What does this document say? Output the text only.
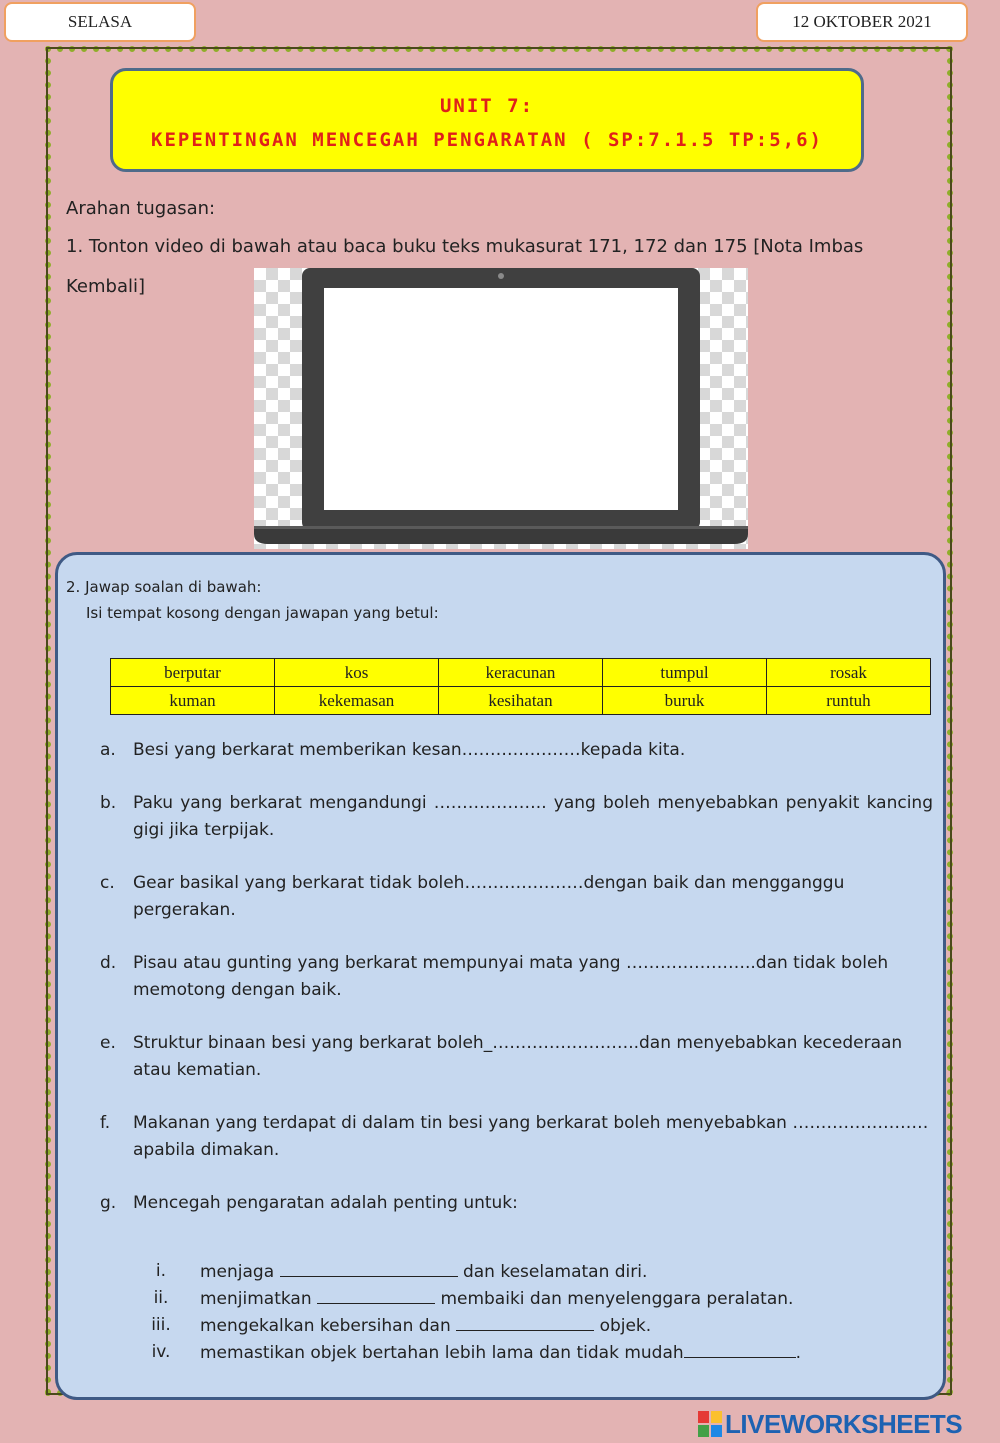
SELASA	12 OKTOBER 2021
UNIT 7:
KEPENTINGAN MENCEGAH PENGARATAN ( SP:7.1.5 TP:5,6)
Arahan tugasan:
1. Tonton video di bawah atau baca buku teks mukasurat 171, 172 dan 175 [Nota Imbas
Kembali]
2. Jawap soalan di bawah:
Isi tempat kosong dengan jawapan yang betul:
berputar	kos	keracunan	tumpul	rosak
kuman	kekemasan	kesihatan	buruk	runtuh
a.	Besi yang berkarat memberikan kesan…………………kepada kita.
b. Paku yang berkarat mengandungi ……………….. yang boleh menyebabkan penyakit kancing gigi jika terpijak.
c.	Gear basikal yang berkarat tidak boleh…………………dengan baik dan mengganggu pergerakan.
d. Pisau atau gunting yang berkarat mempunyai mata yang …………………..dan tidak boleh memotong dengan baik.
e.	Struktur binaan besi yang berkarat boleh_……………………..dan menyebabkan kecederaan atau kematian.
f.	Makanan yang terdapat di dalam tin besi yang berkarat boleh menyebabkan ……………………apabila dimakan.
g. Mencegah pengaratan adalah penting untuk:
i.	menjaga	dan keselamatan diri.
ii.	menjimatkan	membaiki dan menyelenggara peralatan.
iii.	mengekalkan kebersihan dan	objek.
iv.	memastikan objek bertahan lebih lama dan tidak mudah	.
LIVEWORKSHEETS
